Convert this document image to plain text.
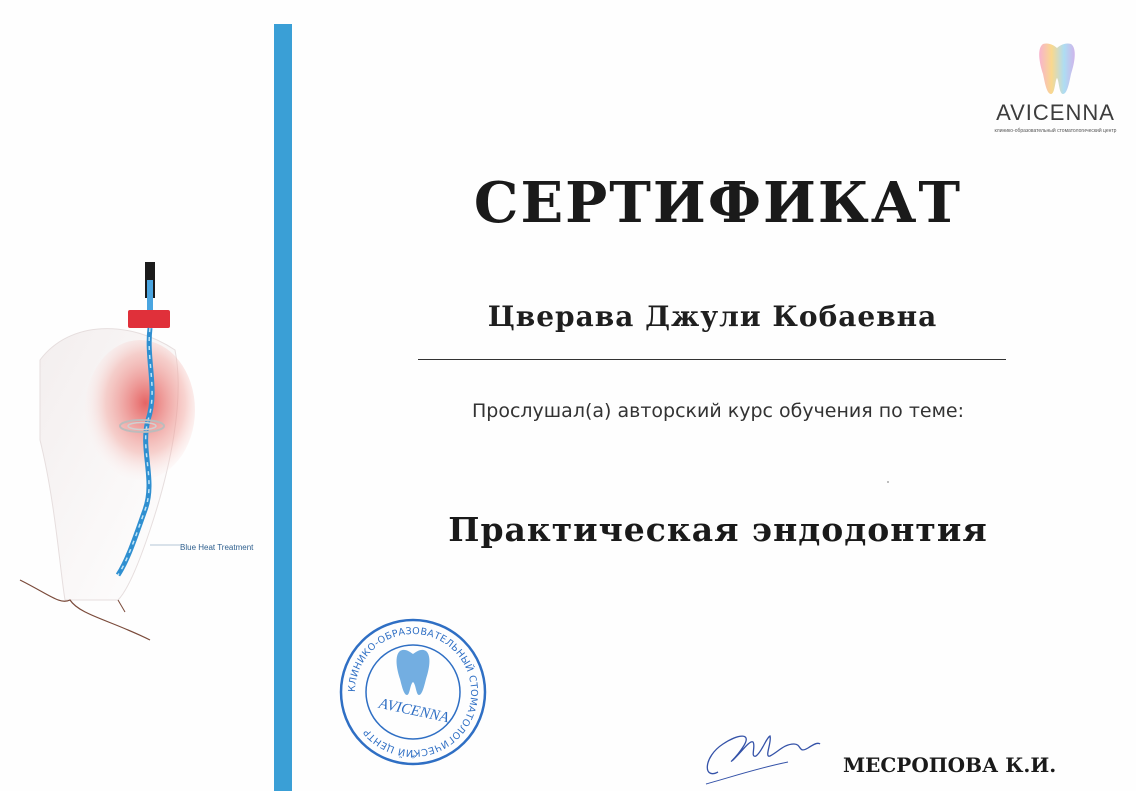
Blue Heat Treatment
AVICENNA
клинико-образовательный стоматологический центр
СЕРТИФИКАТ
Цверава Джули Кобаевна
Прослушал(а) авторский курс обучения по теме:
Практическая эндодонтия
КЛИНИКО-ОБРАЗОВАТЕЛЬНЫЙ СТОМАТОЛОГИЧЕСКИЙ ЦЕНТР
AVICENNA
*	МЕСРОПОВА К.И.
